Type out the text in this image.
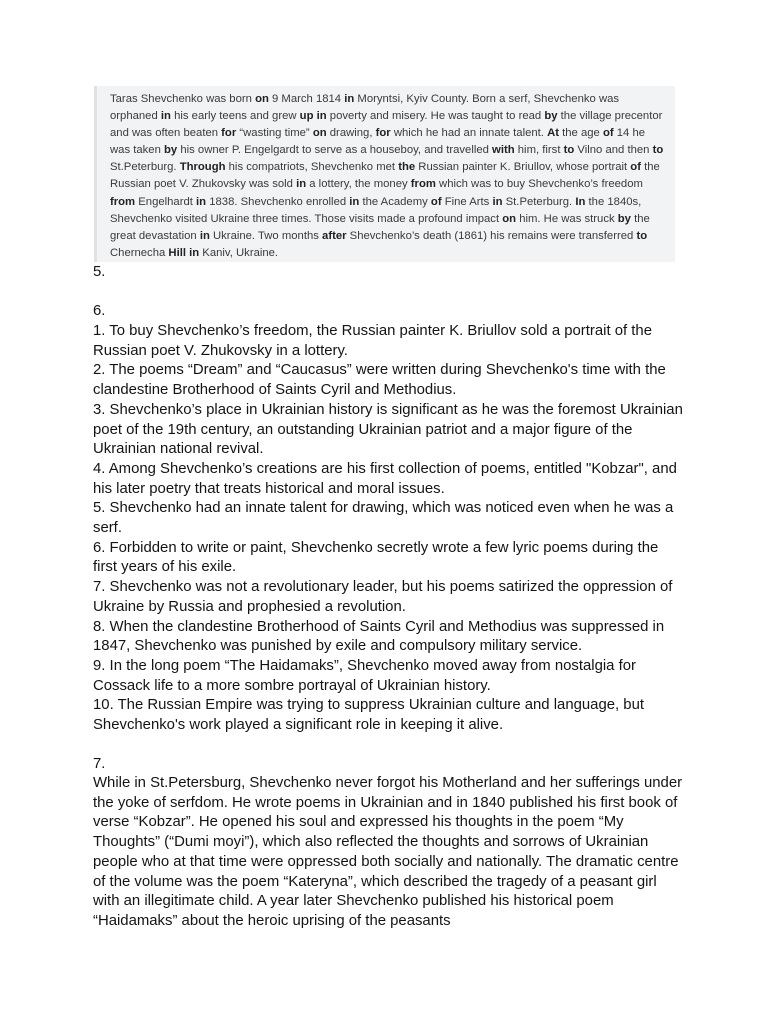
Taras Shevchenko was born on 9 March 1814 in Moryntsi, Kyiv County. Born a serf, Shevchenko was orphaned in his early teens and grew up in poverty and misery. He was taught to read by the village precentor and was often beaten for “wasting time” on drawing, for which he had an innate talent. At the age of 14 he was taken by his owner P. Engelgardt to serve as a houseboy, and travelled with him, first to Vilno and then to St.Peterburg. Through his compatriots, Shevchenko met the Russian painter K. Briullov, whose portrait of the Russian poet V. Zhukovsky was sold in a lottery, the money from which was to buy Shevchenko’s freedom from Engelhardt in 1838. Shevchenko enrolled in the Academy of Fine Arts in St.Peterburg. In the 1840s, Shevchenko visited Ukraine three times. Those visits made a profound impact on him. He was struck by the great devastation in Ukraine. Two months after Shevchenko’s death (1861) his remains were transferred to Chernecha Hill in Kaniv, Ukraine.

5.

6.

1. To buy Shevchenko’s freedom, the Russian painter K. Briullov sold a portrait of the Russian poet V. Zhukovsky in a lottery.
2. The poems “Dream” and “Caucasus” were written during Shevchenko's time with the clandestine Brotherhood of Saints Cyril and Methodius.
3. Shevchenko’s place in Ukrainian history is significant as he was the foremost Ukrainian poet of the 19th century, an outstanding Ukrainian patriot and a major figure of the Ukrainian national revival.
4. Among Shevchenko’s creations are his first collection of poems, entitled "Kobzar", and his later poetry that treats historical and moral issues.
5. Shevchenko had an innate talent for drawing, which was noticed even when he was a serf.
6. Forbidden to write or paint, Shevchenko secretly wrote a few lyric poems during the first years of his exile.
7. Shevchenko was not a revolutionary leader, but his poems satirized the oppression of Ukraine by Russia and prophesied a revolution.
8. When the clandestine Brotherhood of Saints Cyril and Methodius was suppressed in 1847, Shevchenko was punished by exile and compulsory military service.
9. In the long poem “The Haidamaks”, Shevchenko moved away from nostalgia for Cossack life to a more sombre portrayal of Ukrainian history.
10. The Russian Empire was trying to suppress Ukrainian culture and language, but Shevchenko's work played a significant role in keeping it alive.

7.

While in St.Petersburg, Shevchenko never forgot his Motherland and her sufferings under the yoke of serfdom. He wrote poems in Ukrainian and in 1840 published his first book of verse “Kobzar”. He opened his soul and expressed his thoughts in the poem “My Thoughts” (“Dumi moyi”), which also reflected the thoughts and sorrows of Ukrainian people who at that time were oppressed both socially and nationally. The dramatic centre of the volume was the poem “Kateryna”, which described the tragedy of a peasant girl with an illegitimate child. A year later Shevchenko published his historical poem “Haidamaks” about the heroic uprising of the peasants
